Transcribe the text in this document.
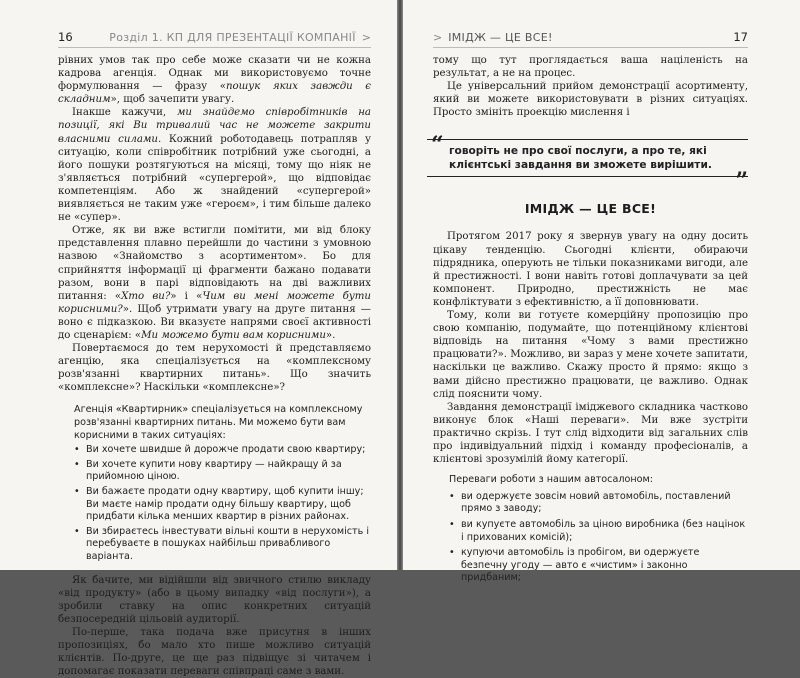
16	Розділ 1. КП ДЛЯ ПРЕЗЕНТАЦІЇ КОМПАНІЇ >

рівних умов так про себе може сказати чи не кожна кадрова агенція. Однак ми використовуємо точне формулювання — фразу «пошук яких завжди є складним», щоб зачепити увагу.

Інакше кажучи, ми знайдемо співробітників на позиції, які Ви тривалий час не можете закрити власними силами. Кожний роботодавець потрапляв у ситуацію, коли співробітник потрібний уже сьогодні, а його пошуки розтягуються на місяці, тому що ніяк не з'являється потрібний «супергерой», що відповідає компетенціям. Або ж знайдений «супергерой» виявляється не таким уже «героєм», і тим більше далеко не «супер».

Отже, як ви вже встигли помітити, ми від блоку представлення плавно перейшли до частини з умовною назвою «Знайомство з асортиментом». Бо для сприйняття інформації ці фрагменти бажано подавати разом, вони в парі відповідають на дві важливих питання: «Хто ви?» і «Чим ви мені можете бути корисними?». Щоб утримати увагу на друге питання — воно є підказкою. Ви вказуєте напрями своєї активності до сценарієм: «Ми можемо бути вам корисними».

Повертаємося до тем нерухомості й представляємо агенцію, яка спеціалізується на «комплексному розв'язанні квартирних питань». Що значить «комплексне»? Наскільки «комплексне»?

Агенція «Квартирник» спеціалізується на комплексному розв'язанні квартирних питань. Ми можемо бути вам корисними в таких ситуаціях:
• Ви хочете швидше й дорожче продати свою квартиру;
• Ви хочете купити нову квартиру — найкращу й за прийомною ціною.
• Ви бажаєте продати одну квартиру, щоб купити іншу; Ви маєте намір продати одну більшу квартиру, щоб придбати кілька менших квартир в різних районах.
• Ви збираєтесь інвестувати вільні кошти в нерухомість і перебуваєте в пошуках найбільш привабливого варіанта.

Як бачите, ми відійшли від звичного стилю викладу «від продукту» (або в цьому випадку «від послуги»), а зробили ставку на опис конкретних ситуацій безпосередній цільовій аудиторії.

По-перше, така подача вже присутня в інших пропозиціях, бо мало хто пише можливо ситуацій клієнтів. По-друге, це ще раз підвіщує зі читачем і допомагає показати переваги співпраці саме з вами.

> ІМІДЖ — ЦЕ ВСЕ!	17

тому що тут проглядається ваша націленість на результат, а не на процес.

Це універсальний прийом демонстрації асортименту, який ви можете використовувати в різних ситуаціях. Просто змініть проекцію мислення і

“ говоріть не про свої послуги, а про те, які клієнтські завдання ви зможете вирішити.
”
ІМІДЖ — ЦЕ ВСЕ!

Протягом 2017 року я звернув увагу на одну досить цікаву тенденцію. Сьогодні клієнти, обираючи підрядника, оперують не тільки показниками вигоди, але й престижності. І вони навіть готові доплачувати за цей компонент. Природно, престижність не має конфліктувати з ефективністю, а її доповнювати.

Тому, коли ви готуєте комерційну пропозицію про свою компанію, подумайте, що потенційному клієнтові відповідь на питання «Чому з вами престижно працювати?». Можливо, ви зараз у мене хочете запитати, наскільки це важливо. Скажу просто й прямо: якщо з вами дійсно престижно працювати, це важливо. Однак слід пояснити чому.

Завдання демонстрації іміджевого складника частково виконує блок «Наші переваги». Ми вже зустріти практично скрізь. І тут слід відходити від загальних слів про індивідуальний підхід і команду професіоналів, а клієнтові зрозумілій йому категорії.

Переваги роботи з нашим автосалоном:
• ви одержуєте зовсім новий автомобіль, поставлений прямо з заводу;
• ви купуєте автомобіль за ціною виробника (без націнок і прихованих комісій);
• купуючи автомобіль із пробігом, ви одержуєте безпечну угоду — авто є «чистим» і законно придбаним;
